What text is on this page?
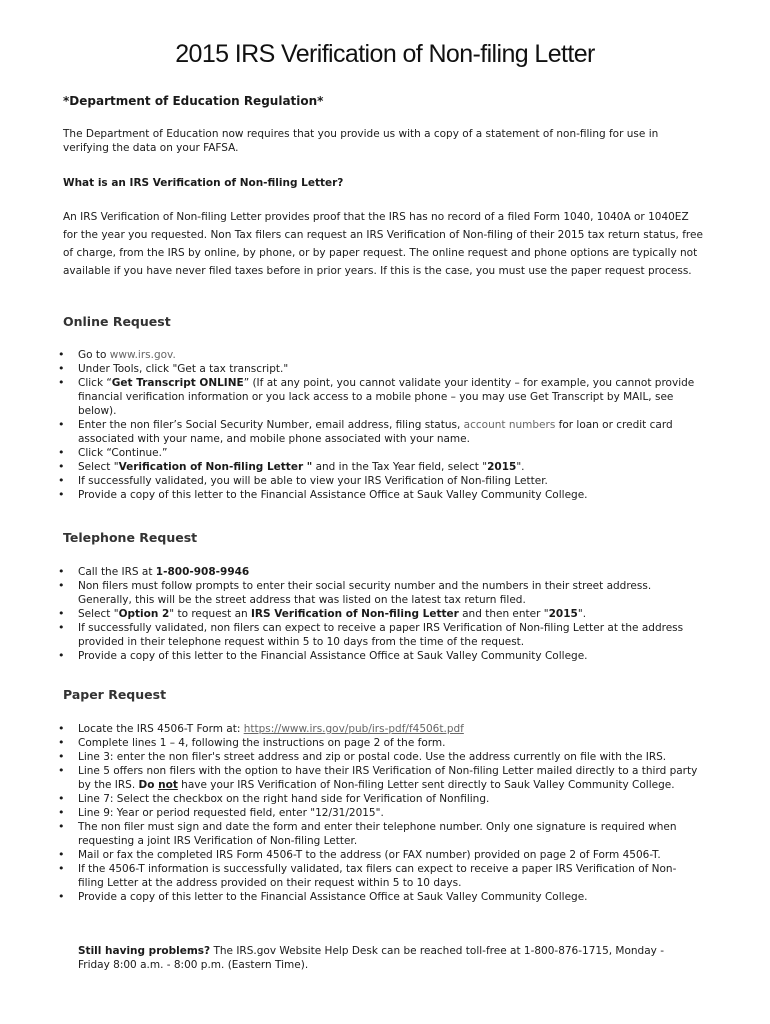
2015 IRS Verification of Non-filing Letter

*Department of Education Regulation*

The Department of Education now requires that you provide us with a copy of a statement of non-filing for use in verifying the data on your FAFSA.

What is an IRS Verification of Non-filing Letter?

An IRS Verification of Non-filing Letter provides proof that the IRS has no record of a filed Form 1040, 1040A or 1040EZ for the year you requested. Non Tax filers can request an IRS Verification of Non-filing of their 2015 tax return status, free of charge, from the IRS by online, by phone, or by paper request. The online request and phone options are typically not available if you have never filed taxes before in prior years. If this is the case, you must use the paper request process.

Online Request
• Go to www.irs.gov.
• Under Tools, click "Get a tax transcript."
• Click “Get Transcript ONLINE” (If at any point, you cannot validate your identity – for example, you cannot provide financial verification information or you lack access to a mobile phone – you may use Get Transcript by MAIL, see below).
• Enter the non filer’s Social Security Number, email address, filing status, account numbers for loan or credit card associated with your name, and mobile phone associated with your name.
• Click “Continue.”
• Select "Verification of Non-filing Letter " and in the Tax Year field, select "2015".
• If successfully validated, you will be able to view your IRS Verification of Non-filing Letter.
• Provide a copy of this letter to the Financial Assistance Office at Sauk Valley Community College.
Telephone Request
• Call the IRS at 1-800-908-9946
• Non filers must follow prompts to enter their social security number and the numbers in their street address. Generally, this will be the street address that was listed on the latest tax return filed.
• Select "Option 2" to request an IRS Verification of Non-filing Letter and then enter "2015".
• If successfully validated, non filers can expect to receive a paper IRS Verification of Non-filing Letter at the address provided in their telephone request within 5 to 10 days from the time of the request.
• Provide a copy of this letter to the Financial Assistance Office at Sauk Valley Community College.
Paper Request
• Locate the IRS 4506-T Form at: https://www.irs.gov/pub/irs-pdf/f4506t.pdf
• Complete lines 1 – 4, following the instructions on page 2 of the form.
• Line 3: enter the non filer's street address and zip or postal code. Use the address currently on file with the IRS.
• Line 5 offers non filers with the option to have their IRS Verification of Non-filing Letter mailed directly to a third party by the IRS. Do not have your IRS Verification of Non-filing Letter sent directly to Sauk Valley Community College.
• Line 7: Select the checkbox on the right hand side for Verification of Nonfiling.
• Line 9: Year or period requested field, enter "12/31/2015".
• The non filer must sign and date the form and enter their telephone number. Only one signature is required when requesting a joint IRS Verification of Non-filing Letter.
• Mail or fax the completed IRS Form 4506-T to the address (or FAX number) provided on page 2 of Form 4506-T.
• If the 4506-T information is successfully validated, tax filers can expect to receive a paper IRS Verification of Non-filing Letter at the address provided on their request within 5 to 10 days.
• Provide a copy of this letter to the Financial Assistance Office at Sauk Valley Community College.

Still having problems? The IRS.gov Website Help Desk can be reached toll-free at 1-800-876-1715, Monday - Friday 8:00 a.m. - 8:00 p.m. (Eastern Time).
